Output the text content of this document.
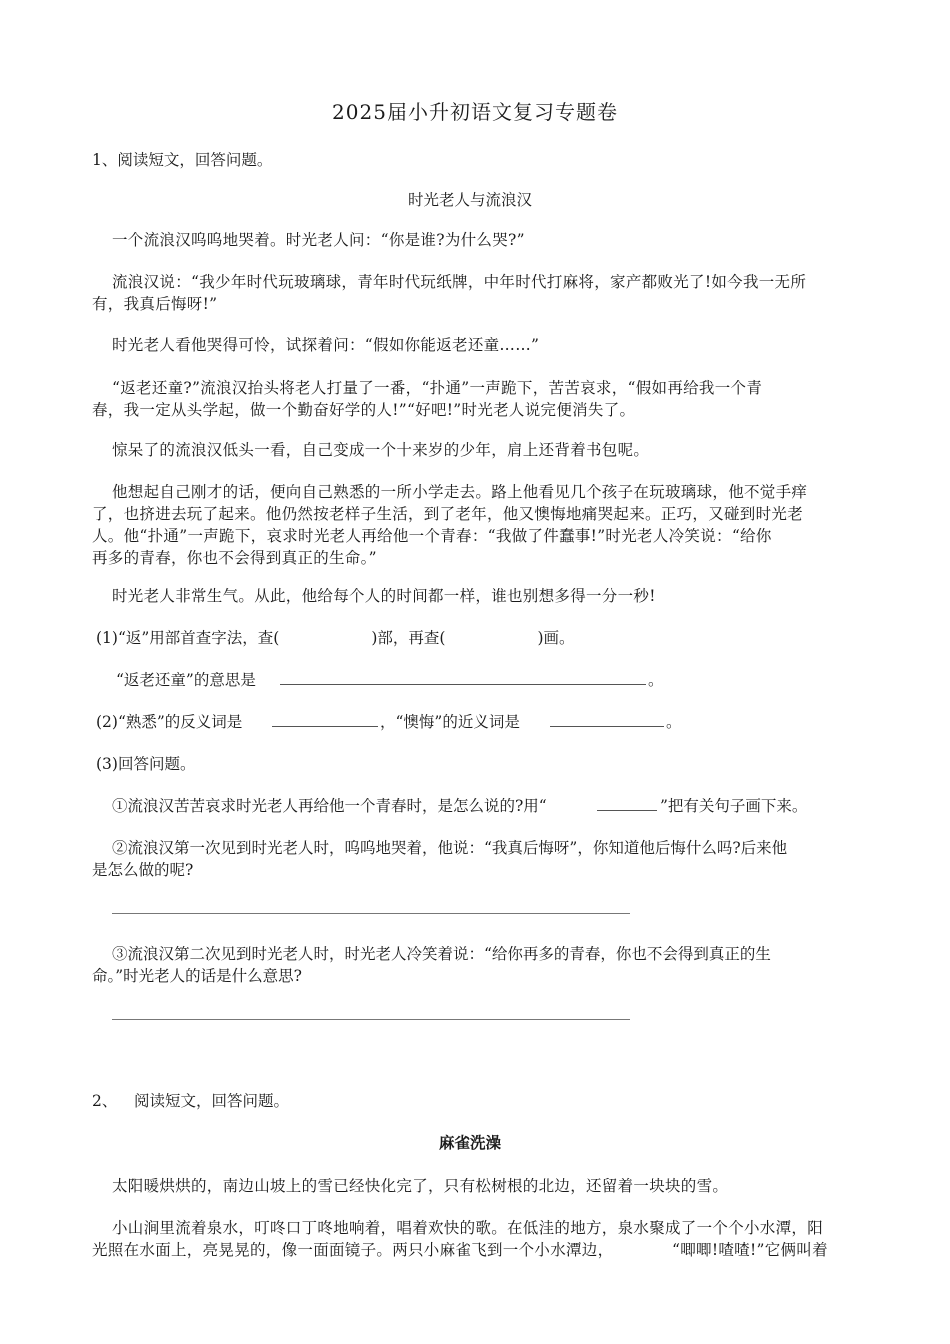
2025届小升初语文复习专题卷
1、阅读短文，回答问题。
时光老人与流浪汉
一个流浪汉呜呜地哭着。时光老人问：“你是谁?为什么哭?”
流浪汉说：“我少年时代玩玻璃球，青年时代玩纸牌，中年时代打麻将，家产都败光了!如今我一无所
有，我真后悔呀!”
时光老人看他哭得可怜，试探着问：“假如你能返老还童……”
“返老还童?”流浪汉抬头将老人打量了一番，“扑通”一声跪下，苦苦哀求，“假如再给我一个青
春，我一定从头学起，做一个勤奋好学的人!”“好吧!”时光老人说完便消失了。
惊呆了的流浪汉低头一看，自己变成一个十来岁的少年，肩上还背着书包呢。
他想起自己刚才的话，便向自己熟悉的一所小学走去。路上他看见几个孩子在玩玻璃球，他不觉手痒
了，也挤进去玩了起来。他仍然按老样子生活，到了老年，他又懊悔地痛哭起来。正巧，又碰到时光老
人。他“扑通”一声跪下，哀求时光老人再给他一个青春：“我做了件蠢事!”时光老人冷笑说：“给你
再多的青春，你也不会得到真正的生命。”
时光老人非常生气。从此，他给每个人的时间都一样，谁也别想多得一分一秒!
(1)“返”用部首查字法，查(	)部，再查(	)画。
“返老还童”的意思是	。
(2)“熟悉”的反义词是	，“懊悔”的近义词是	。
(3)回答问题。
①流浪汉苦苦哀求时光老人再给他一个青春时，是怎么说的?用“	”把有关句子画下来。
②流浪汉第一次见到时光老人时，呜呜地哭着，他说：“我真后悔呀”，你知道他后悔什么吗?后来他
是怎么做的呢?
③流浪汉第二次见到时光老人时，时光老人冷笑着说：“给你再多的青春，你也不会得到真正的生
命。”时光老人的话是什么意思?
2、 阅读短文，回答问题。
麻雀洗澡
太阳暖烘烘的，南边山坡上的雪已经快化完了，只有松树根的北边，还留着一块块的雪。
小山涧里流着泉水，叮咚口丁咚地响着，唱着欢快的歌。在低洼的地方，泉水聚成了一个个小水潭，阳
光照在水面上，亮晃晃的，像一面面镜子。两只小麻雀飞到一个小水潭边，	“唧唧!喳喳!”它俩叫着
